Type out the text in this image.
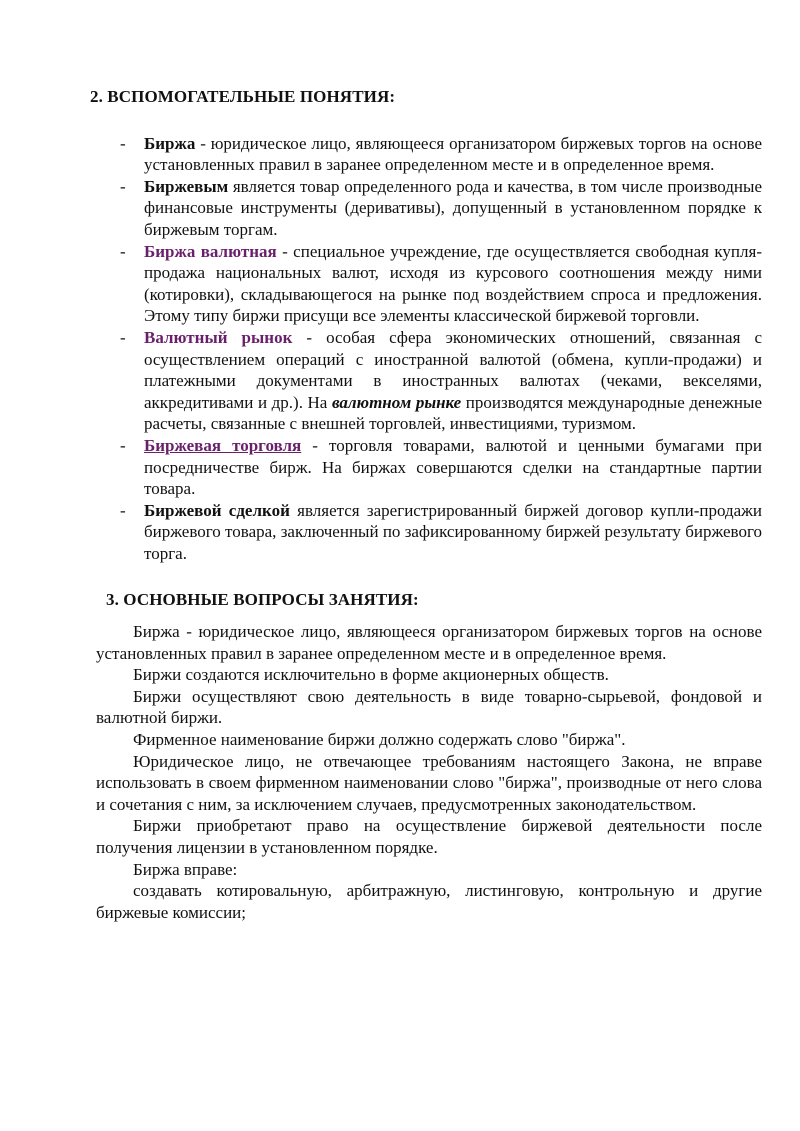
2. ВСПОМОГАТЕЛЬНЫЕ ПОНЯТИЯ:
- Биржа - юридическое лицо, являющееся организатором биржевых торгов на основе установленных правил в заранее определенном месте и в определенное время.
- Биржевым является товар определенного рода и качества, в том числе производные финансовые инструменты (деривативы), допущенный в установленном порядке к биржевым торгам.
- Биржа валютная - специальное учреждение, где осуществляется свободная купля-продажа национальных валют, исходя из курсового соотношения между ними (котировки), складывающегося на рынке под воздействием спроса и предложения. Этому типу биржи присущи все элементы классической биржевой торговли.
- Валютный рынок - особая сфера экономических отношений, связанная с осуществлением операций с иностранной валютой (обмена, купли-продажи) и платежными документами в иностранных валютах (чеками, векселями, аккредитивами и др.). На валютном рынке производятся международные денежные расчеты, связанные с внешней торговлей, инвестициями, туризмом.
- Биржевая торговля - торговля товарами, валютой и ценными бумагами при посредничестве бирж. На биржах совершаются сделки на стандартные партии товара.
- Биржевой сделкой является зарегистрированный биржей договор купли-продажи биржевого товара, заключенный по зафиксированному биржей результату биржевого торга.
3. ОСНОВНЫЕ ВОПРОСЫ ЗАНЯТИЯ:

Биржа - юридическое лицо, являющееся организатором биржевых торгов на основе установленных правил в заранее определенном месте и в определенное время.

Биржи создаются исключительно в форме акционерных обществ.

Биржи осуществляют свою деятельность в виде товарно-сырьевой, фондовой и валютной биржи.

Фирменное наименование биржи должно содержать слово "биржа".

Юридическое лицо, не отвечающее требованиям настоящего Закона, не вправе использовать в своем фирменном наименовании слово "биржа", производные от него слова и сочетания с ним, за исключением случаев, предусмотренных законодательством.

Биржи приобретают право на осуществление биржевой деятельности после получения лицензии в установленном порядке.

Биржа вправе:

создавать котировальную, арбитражную, листинговую, контрольную и другие биржевые комиссии;
